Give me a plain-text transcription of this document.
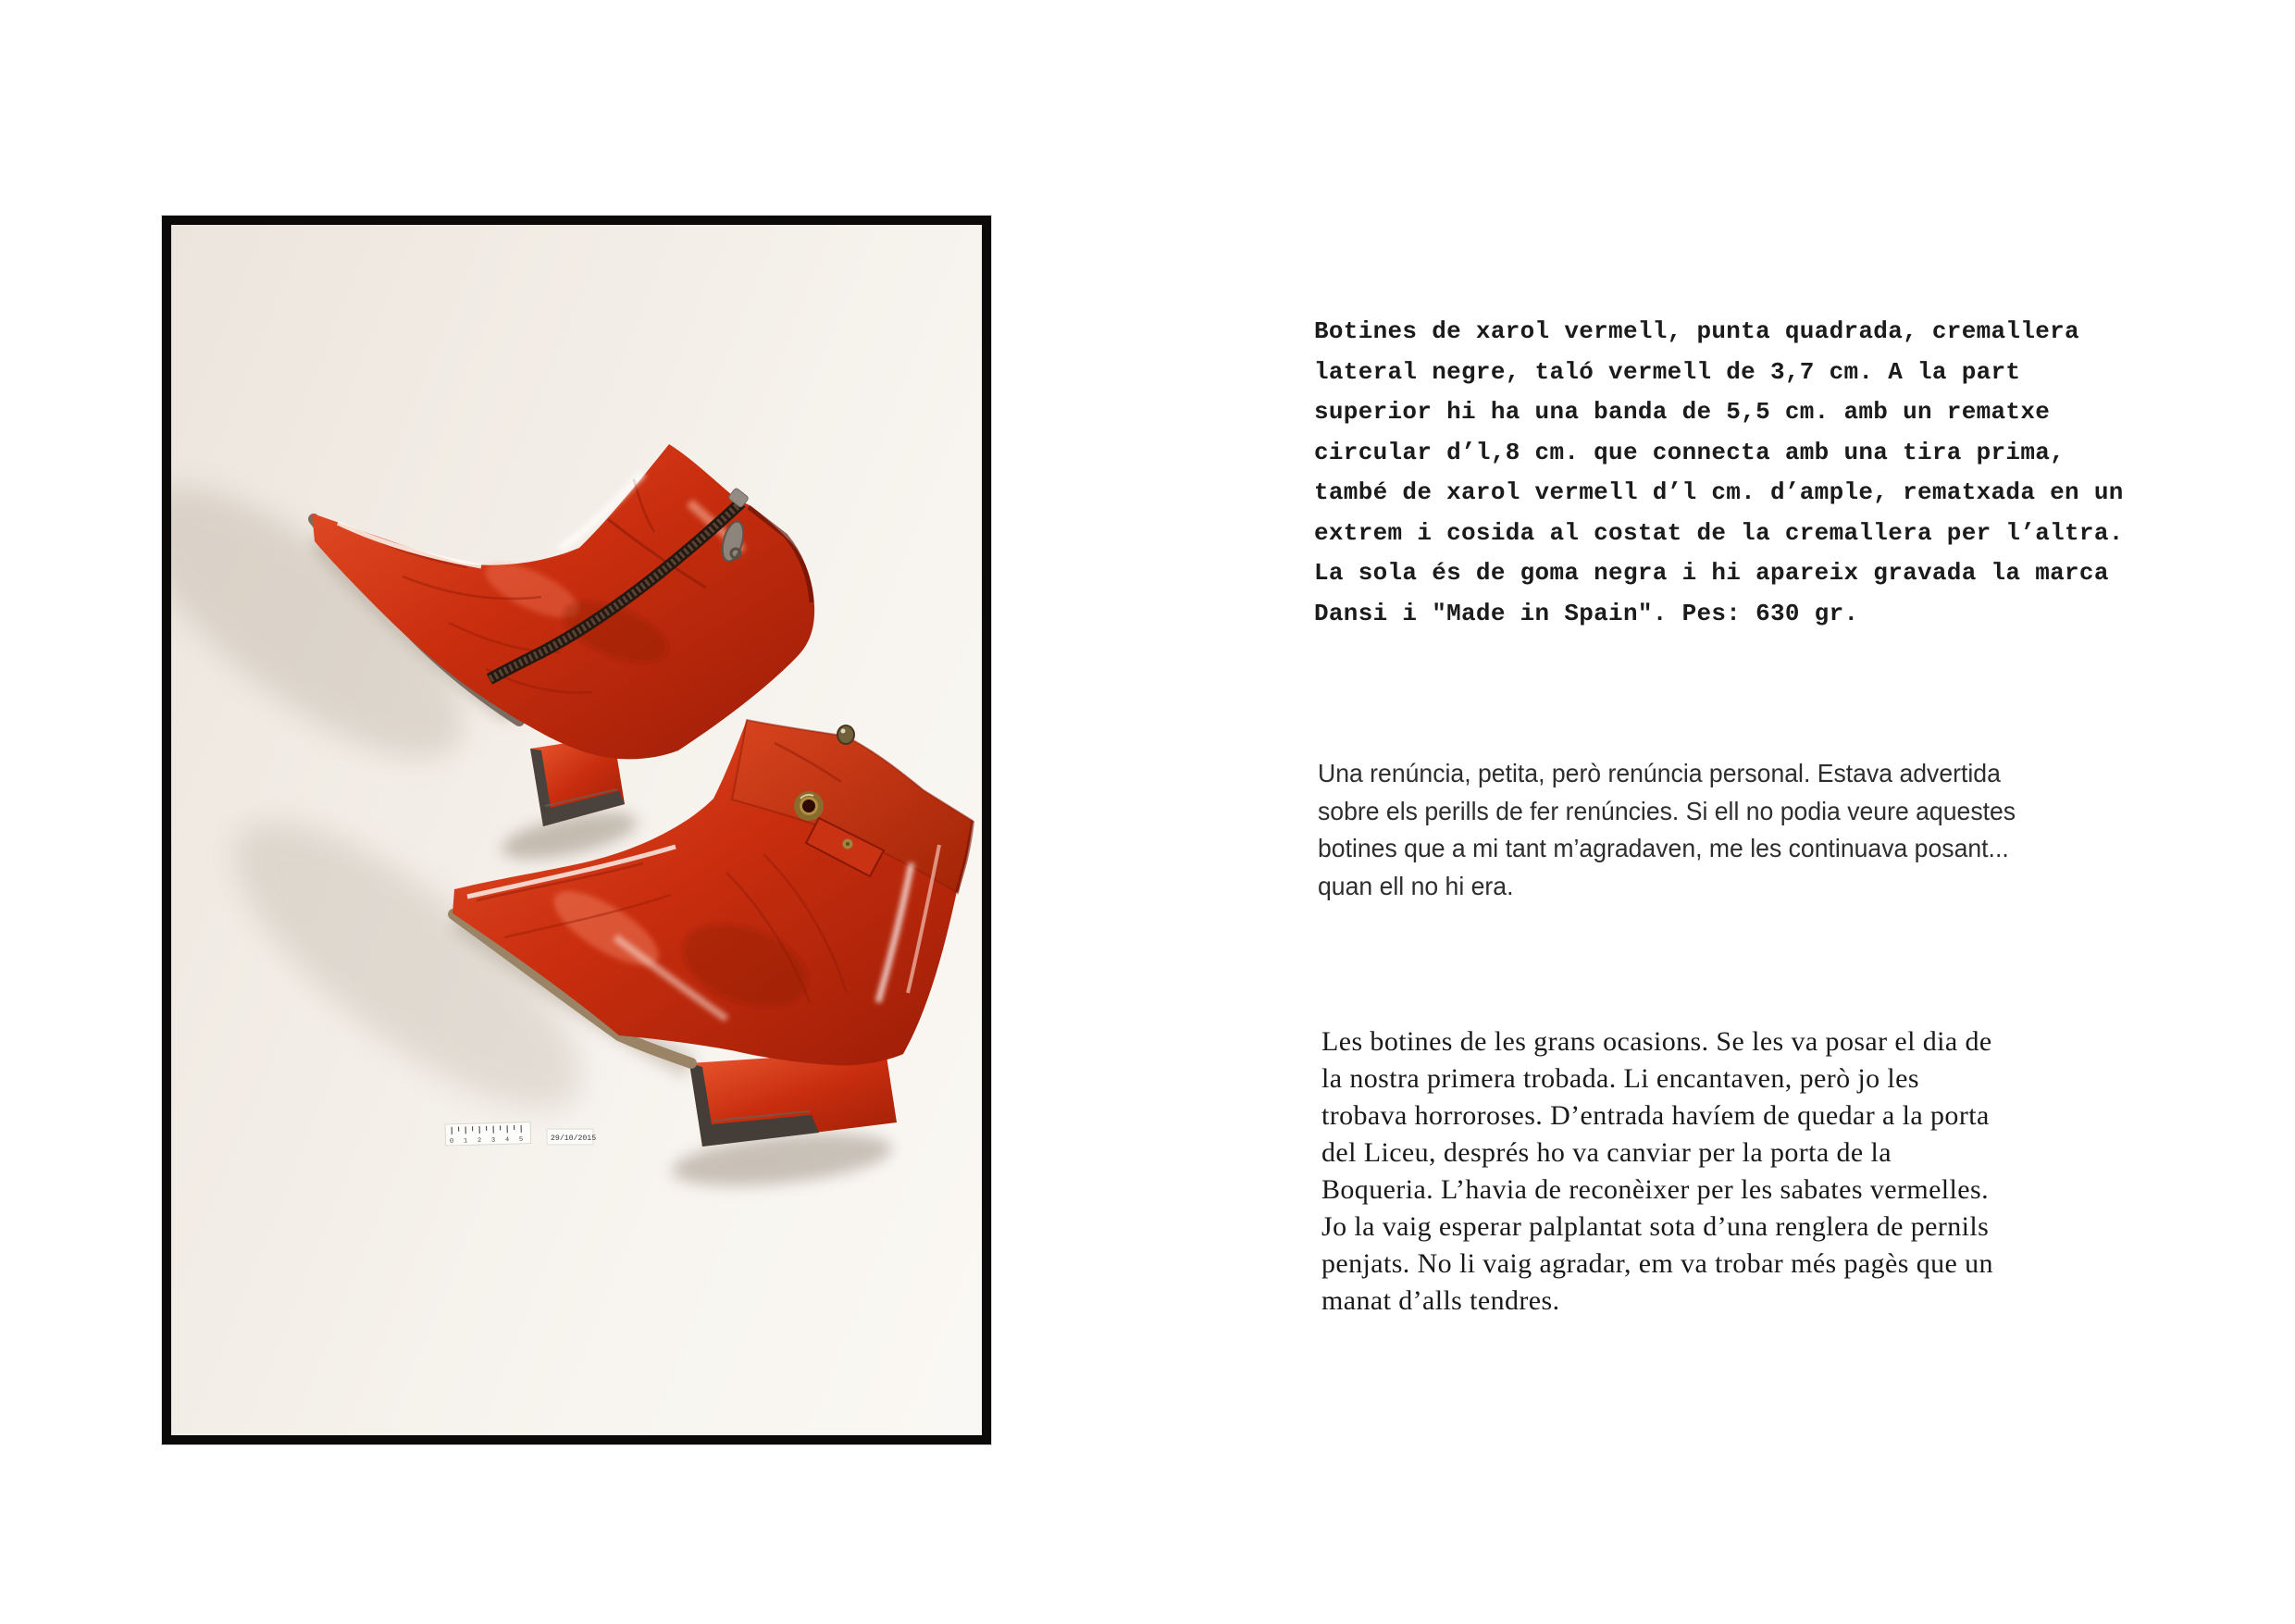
0 1 2 3 4 5	29/10/2015
Botines de xarol vermell, punta quadrada, cremallera
lateral negre, taló vermell de 3,7 cm. A la part
superior hi ha una banda de 5,5 cm. amb un rematxe
circular d’l,8 cm. que connecta amb una tira prima,
també de xarol vermell d’l cm. d’ample, rematxada en un
extrem i cosida al costat de la cremallera per l’altra.
La sola és de goma negra i hi apareix gravada la marca
Dansi i "Made in Spain". Pes: 630 gr.
Una renúncia, petita, però renúncia personal. Estava advertida
sobre els perills de fer renúncies. Si ell no podia veure aquestes
botines que a mi tant m’agradaven, me les continuava posant...
quan ell no hi era.
Les botines de les grans ocasions. Se les va posar el dia de
la nostra primera trobada. Li encantaven, però jo les
trobava horroroses. D’entrada havíem de quedar a la porta
del Liceu, després ho va canviar per la porta de la
Boqueria. L’havia de reconèixer per les sabates vermelles.
Jo la vaig esperar palplantat sota d’una renglera de pernils
penjats. No li vaig agradar, em va trobar més pagès que un
manat d’alls tendres.
